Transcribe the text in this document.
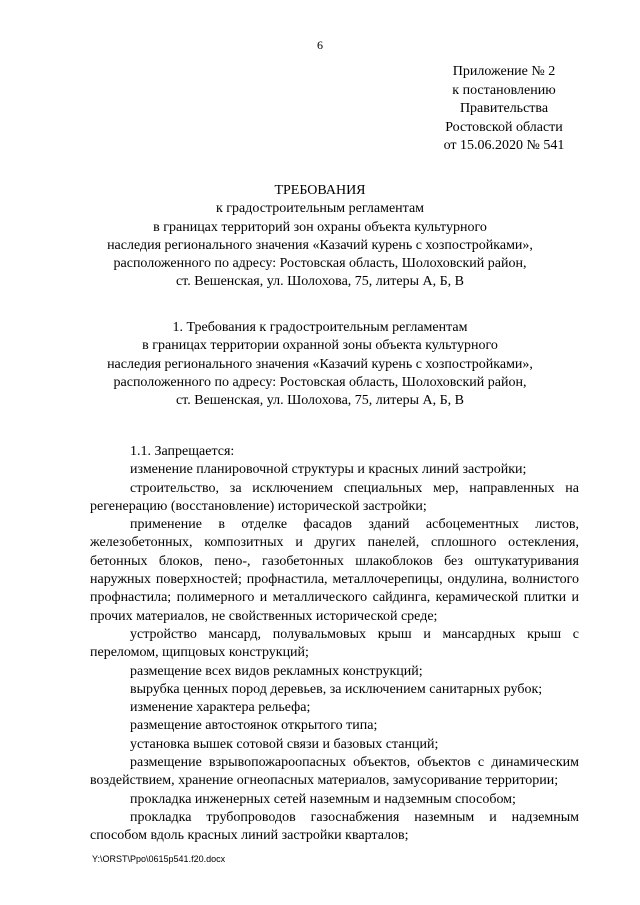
6
Приложение № 2
к постановлению
Правительства
Ростовской области
от 15.06.2020 № 541
ТРЕБОВАНИЯ
к градостроительным регламентам
в границах территорий зон охраны объекта культурного
наследия регионального значения «Казачий курень с хозпостройками»,
расположенного по адресу: Ростовская область, Шолоховский район,
ст. Вешенская, ул. Шолохова, 75, литеры А, Б, В
1. Требования к градостроительным регламентам
в границах территории охранной зоны объекта культурного
наследия регионального значения «Казачий курень с хозпостройками»,
расположенного по адресу: Ростовская область, Шолоховский район,
ст. Вешенская, ул. Шолохова, 75, литеры А, Б, В

1.1. Запрещается:

изменение планировочной структуры и красных линий застройки;

строительство, за исключением специальных мер, направленных на регенерацию (восстановление) исторической застройки;

применение в отделке фасадов зданий асбоцементных листов, железобетонных, композитных и других панелей, сплошного остекления, бетонных блоков, пено-, газобетонных шлакоблоков без оштукатуривания наружных поверхностей; профнастила, металлочерепицы, ондулина, волнистого профнастила; полимерного и металлического сайдинга, керамической плитки и прочих материалов, не свойственных исторической среде;

устройство мансард, полувальмовых крыш и мансардных крыш с переломом, щипцовых конструкций;

размещение всех видов рекламных конструкций;

вырубка ценных пород деревьев, за исключением санитарных рубок;

изменение характера рельефа;

размещение автостоянок открытого типа;

установка вышек сотовой связи и базовых станций;

размещение взрывопожароопасных объектов, объектов с динамическим воздействием, хранение огнеопасных материалов, замусоривание территории;

прокладка инженерных сетей наземным и надземным способом;

прокладка трубопроводов газоснабжения наземным и надземным способом вдоль красных линий застройки кварталов;

Y:\ORST\Ppo\0615p541.f20.docx
